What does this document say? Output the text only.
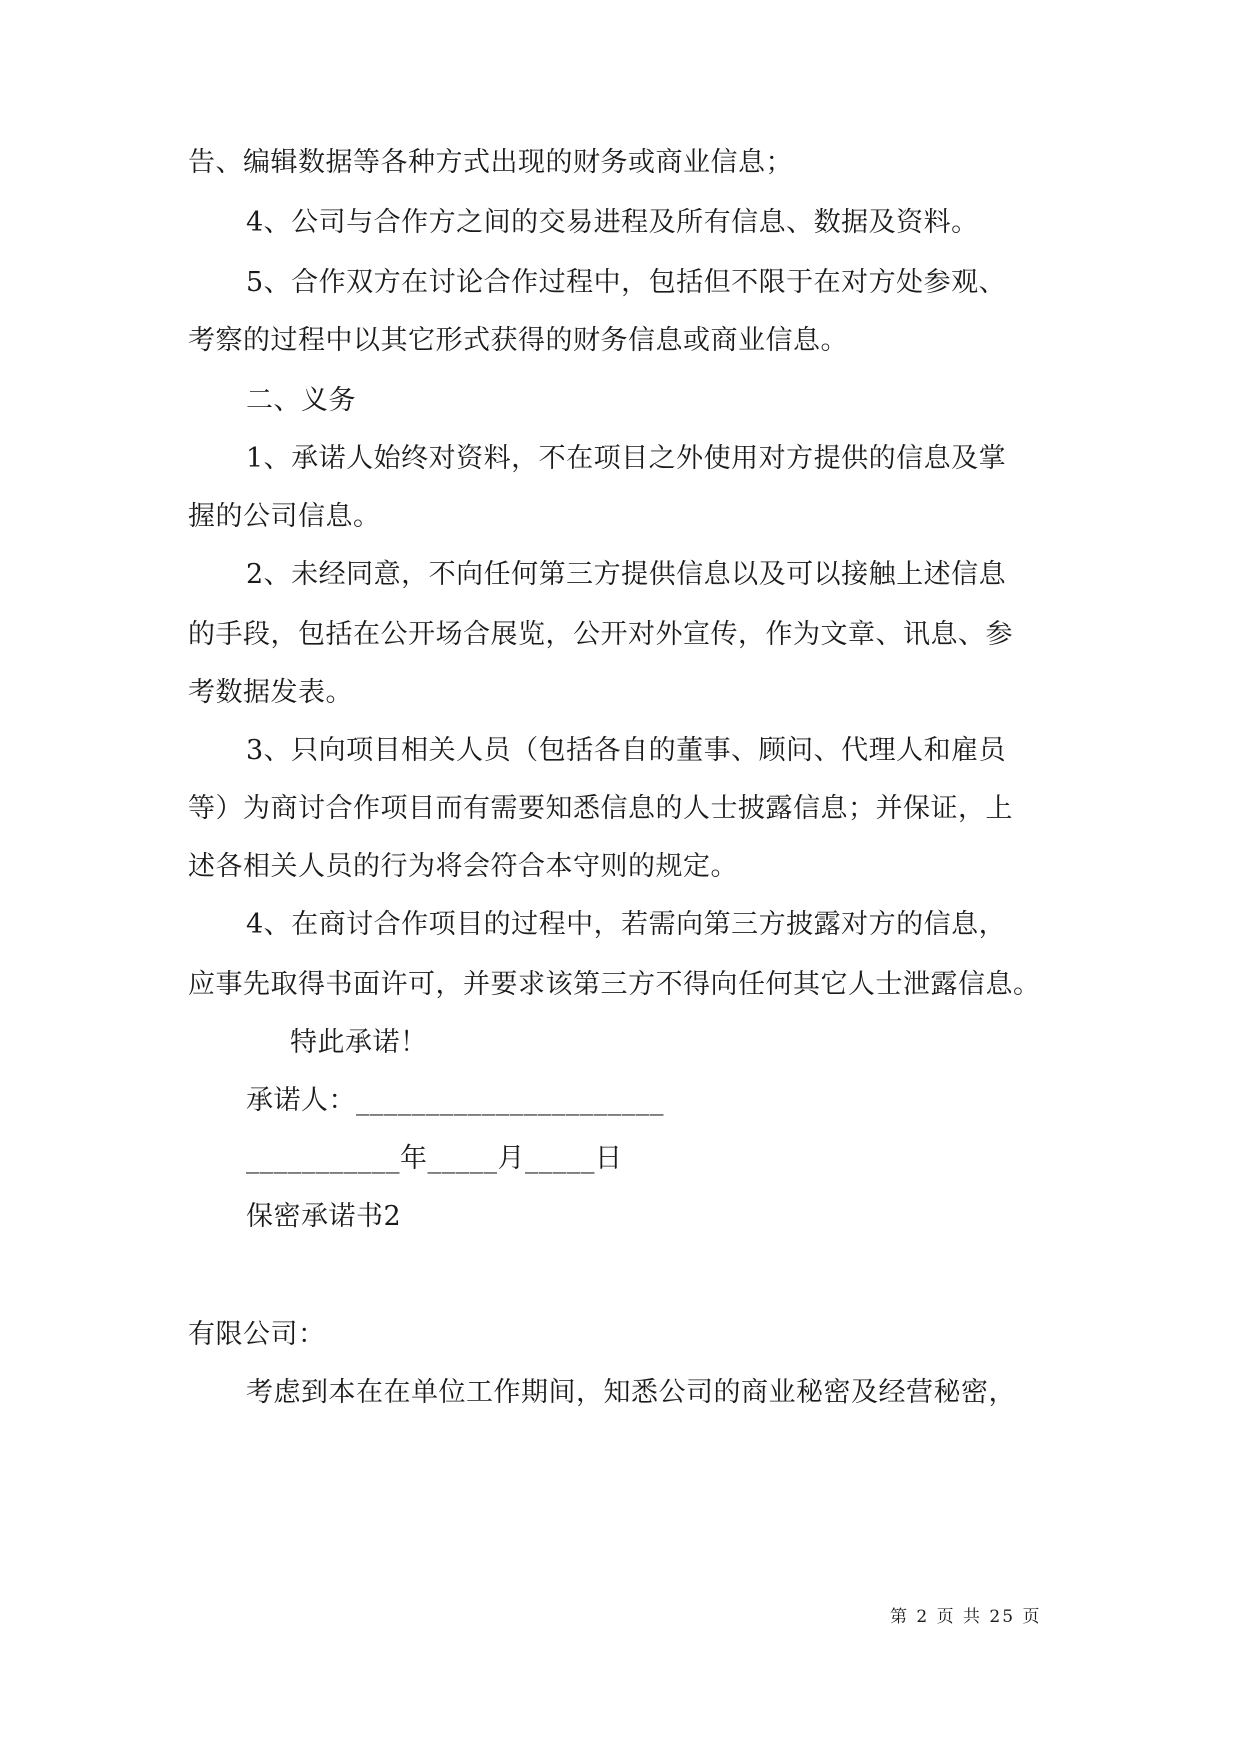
告、编辑数据等各种方式出现的财务或商业信息；
4、公司与合作方之间的交易进程及所有信息、数据及资料。
5、合作双方在讨论合作过程中，包括但不限于在对方处参观、
考察的过程中以其它形式获得的财务信息或商业信息。
二、义务
1、承诺人始终对资料，不在项目之外使用对方提供的信息及掌
握的公司信息。
2、未经同意，不向任何第三方提供信息以及可以接触上述信息
的手段，包括在公开场合展览，公开对外宣传，作为文章、讯息、参
考数据发表。
3、只向项目相关人员（包括各自的董事、顾问、代理人和雇员
等）为商讨合作项目而有需要知悉信息的人士披露信息；并保证，上
述各相关人员的行为将会符合本守则的规定。
4、在商讨合作项目的过程中，若需向第三方披露对方的信息，
应事先取得书面许可，并要求该第三方不得向任何其它人士泄露信息。
特此承诺！
承诺人：______________________
___________年_____月_____日
保密承诺书2
有限公司：
考虑到本在在单位工作期间，知悉公司的商业秘密及经营秘密，
第 2 页 共 25 页
